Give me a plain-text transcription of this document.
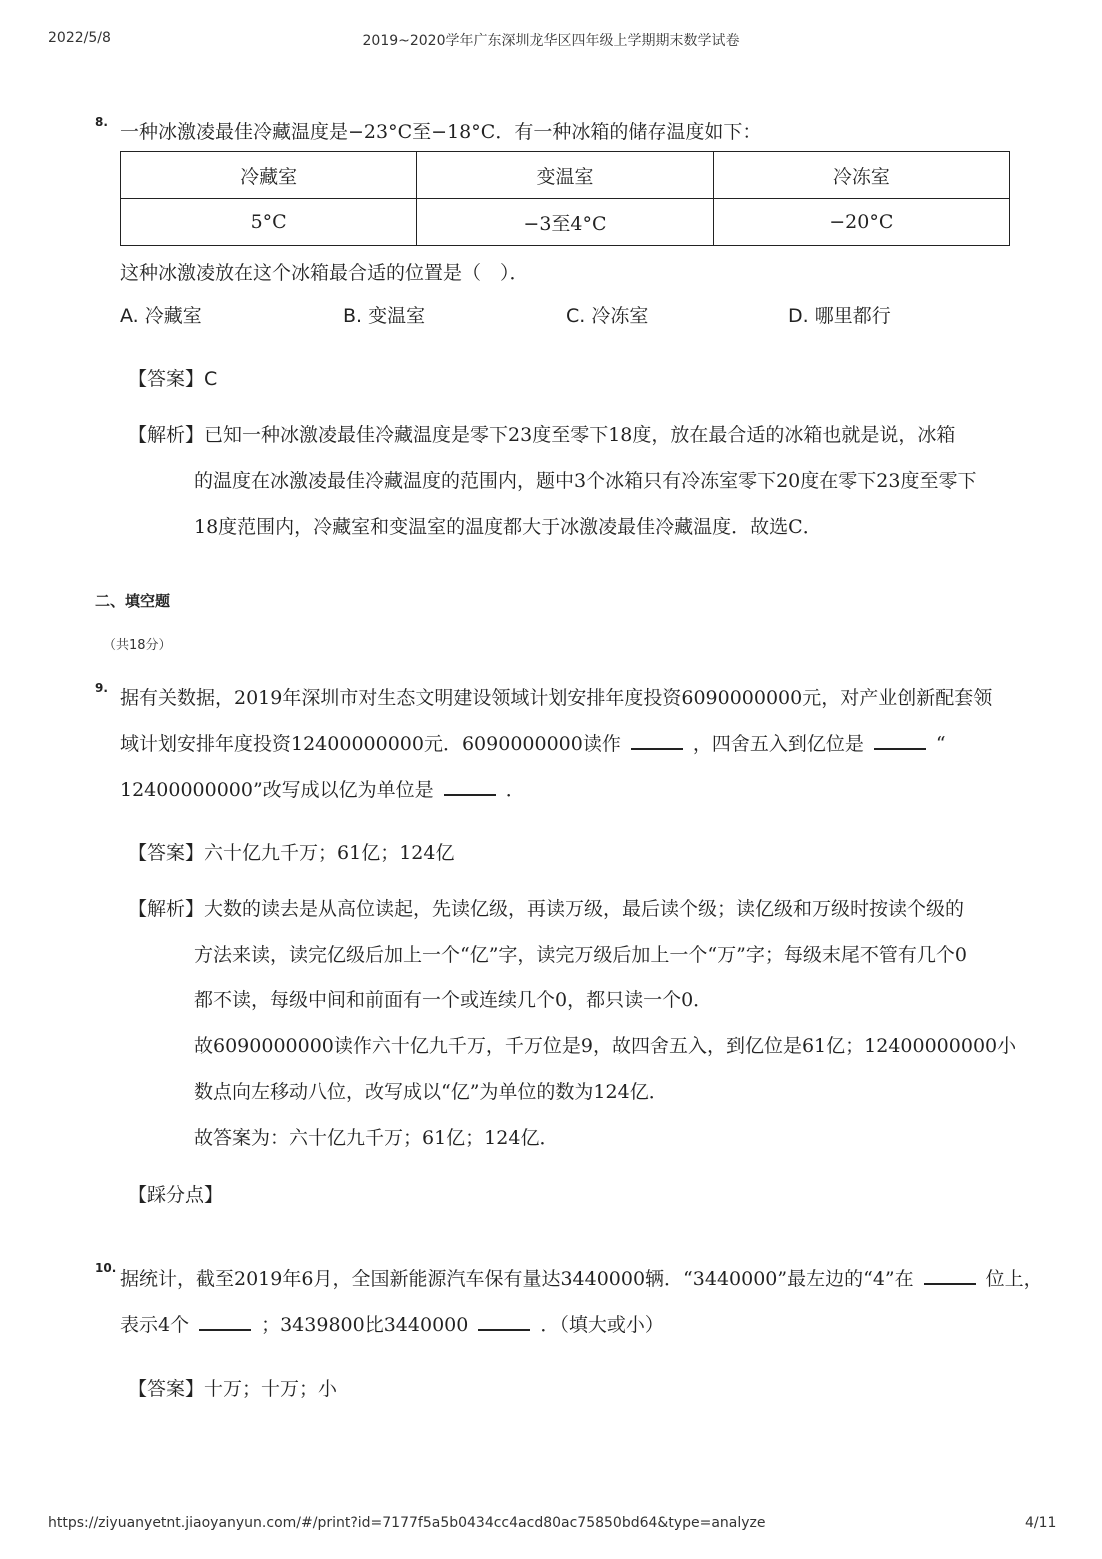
2022/5/8	2019~2020学年广东深圳龙华区四年级上学期期末数学试卷
8. 一种冰激凌最佳冷藏温度是−23°C至−18°C．有一种冰箱的储存温度如下：
冷藏室	变温室	冷冻室
5°C	−3至4°C	−20°C
这种冰激凌放在这个冰箱最合适的位置是（　）．
A. 冷藏室	B. 变温室	C. 冷冻室	D. 哪里都行
【答案】C
【解析】已知一种冰激凌最佳冷藏温度是零下23度至零下18度，放在最合适的冰箱也就是说，冰箱
的温度在冰激凌最佳冷藏温度的范围内，题中3个冰箱只有冷冻室零下20度在零下23度至零下
18度范围内，冷藏室和变温室的温度都大于冰激凌最佳冷藏温度．故选C．
二、填空题
（共18分）
9. 据有关数据，2019年深圳市对生态文明建设领域计划安排年度投资6090000000元，对产业创新配套领
域计划安排年度投资12400000000元．6090000000读作	，四舍五入到亿位是	“
12400000000”改写成以亿为单位是	．
【答案】六十亿九千万；61亿；124亿
【解析】大数的读去是从高位读起，先读亿级，再读万级，最后读个级；读亿级和万级时按读个级的
方法来读，读完亿级后加上一个“亿”字，读完万级后加上一个“万”字；每级末尾不管有几个0
都不读，每级中间和前面有一个或连续几个0，都只读一个0．
故6090000000读作六十亿九千万，千万位是9，故四舍五入，到亿位是61亿；12400000000小
数点向左移动八位，改写成以“亿”为单位的数为124亿．
故答案为：六十亿九千万；61亿；124亿．
【踩分点】
10. 据统计，截至2019年6月，全国新能源汽车保有量达3440000辆．“3440000”最左边的“4”在	位上，
表示4个	；3439800比3440000	．（填大或小）
【答案】十万；十万；小
https://ziyuanyetnt.jiaoyanyun.com/#/print?id=7177f5a5b0434cc4acd80ac75850bd64&type=analyze	4/11
